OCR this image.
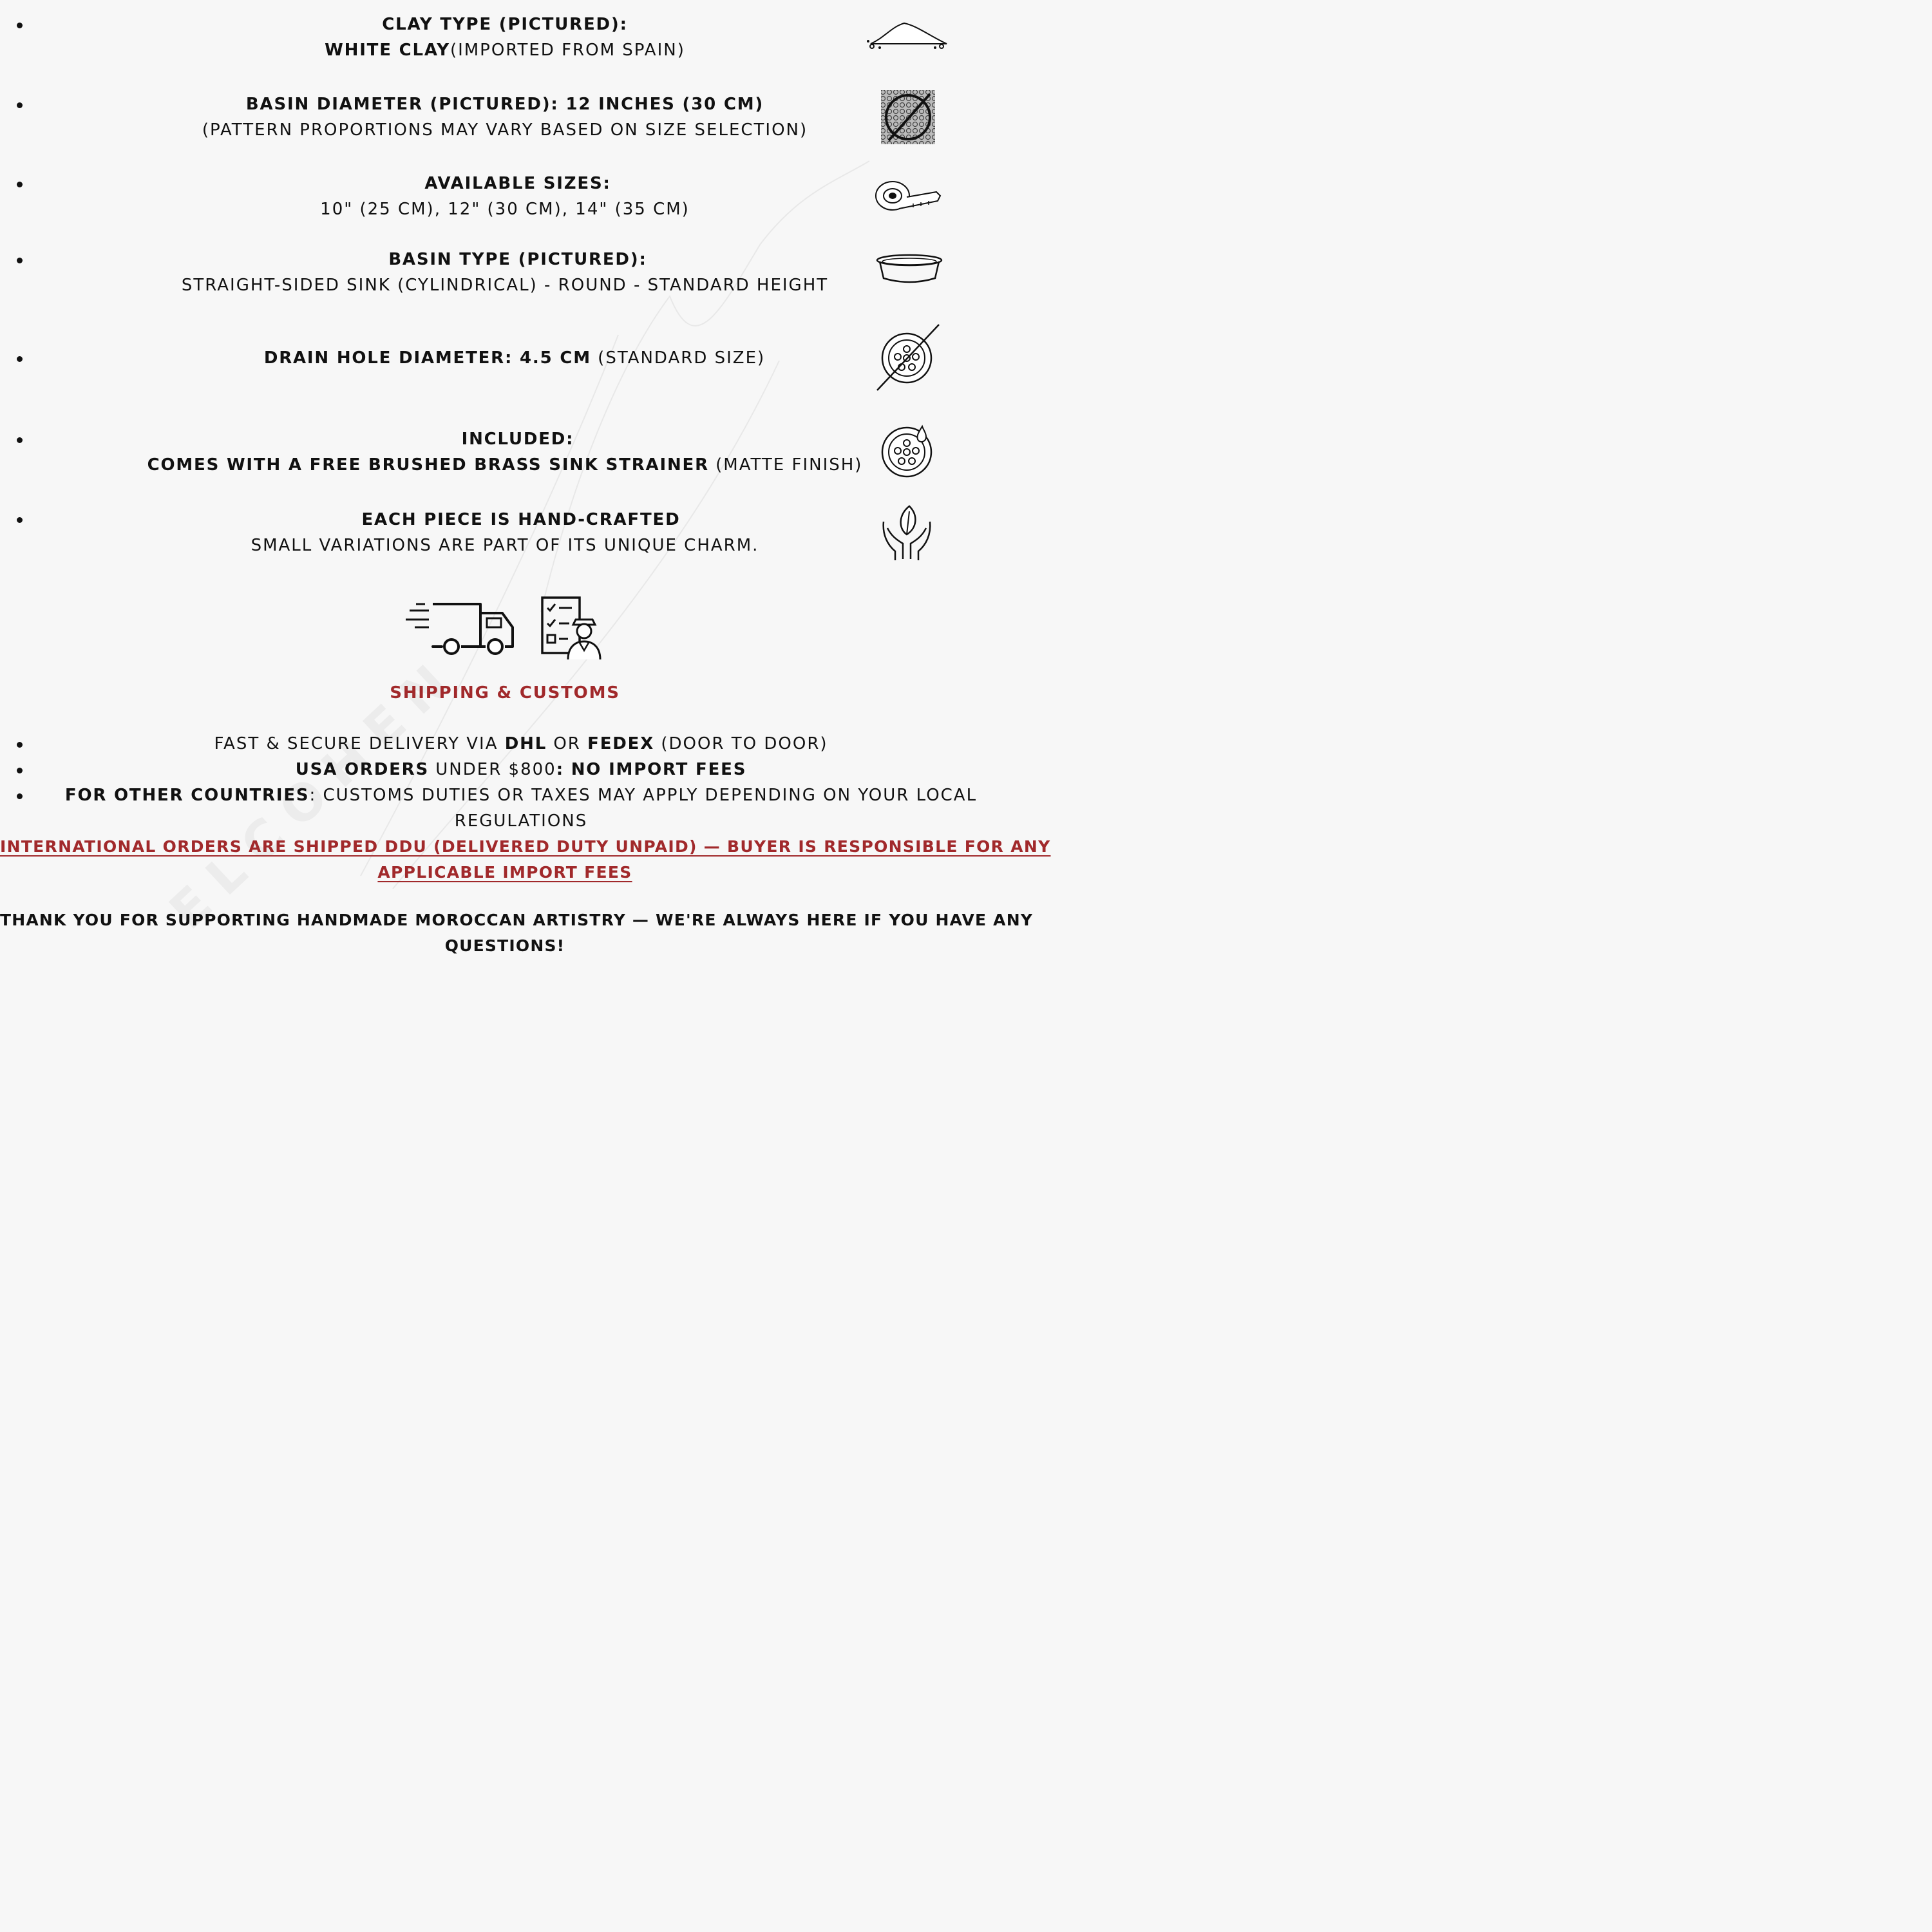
CLAY TYPE (PICTURED):
WHITE CLAY(IMPORTED FROM SPAIN)
BASIN DIAMETER (PICTURED): 12 INCHES (30 CM)
(PATTERN PROPORTIONS MAY VARY BASED ON SIZE SELECTION)
AVAILABLE SIZES:
10" (25 CM), 12" (30 CM), 14" (35 CM)
BASIN TYPE (PICTURED):
STRAIGHT-SIDED SINK (CYLINDRICAL) - ROUND - STANDARD HEIGHT
DRAIN HOLE DIAMETER: 4.5 CM (STANDARD SIZE)
INCLUDED:
COMES WITH A FREE BRUSHED BRASS SINK STRAINER (MATTE FINISH)
EACH PIECE IS HAND-CRAFTED
SMALL VARIATIONS ARE PART OF ITS UNIQUE CHARM.
SHIPPING & CUSTOMS
FAST & SECURE DELIVERY VIA DHL OR FEDEX (DOOR TO DOOR)
USA ORDERS UNDER $800: NO IMPORT FEES
FOR OTHER COUNTRIES: CUSTOMS DUTIES OR TAXES MAY APPLY DEPENDING ON YOUR LOCAL
REGULATIONS
INTERNATIONAL ORDERS ARE SHIPPED DDU (DELIVERED DUTY UNPAID) — BUYER IS RESPONSIBLE FOR ANY
APPLICABLE IMPORT FEES
THANK YOU FOR SUPPORTING HANDMADE MOROCCAN ARTISTRY — WE'RE ALWAYS HERE IF YOU HAVE ANY
QUESTIONS!
